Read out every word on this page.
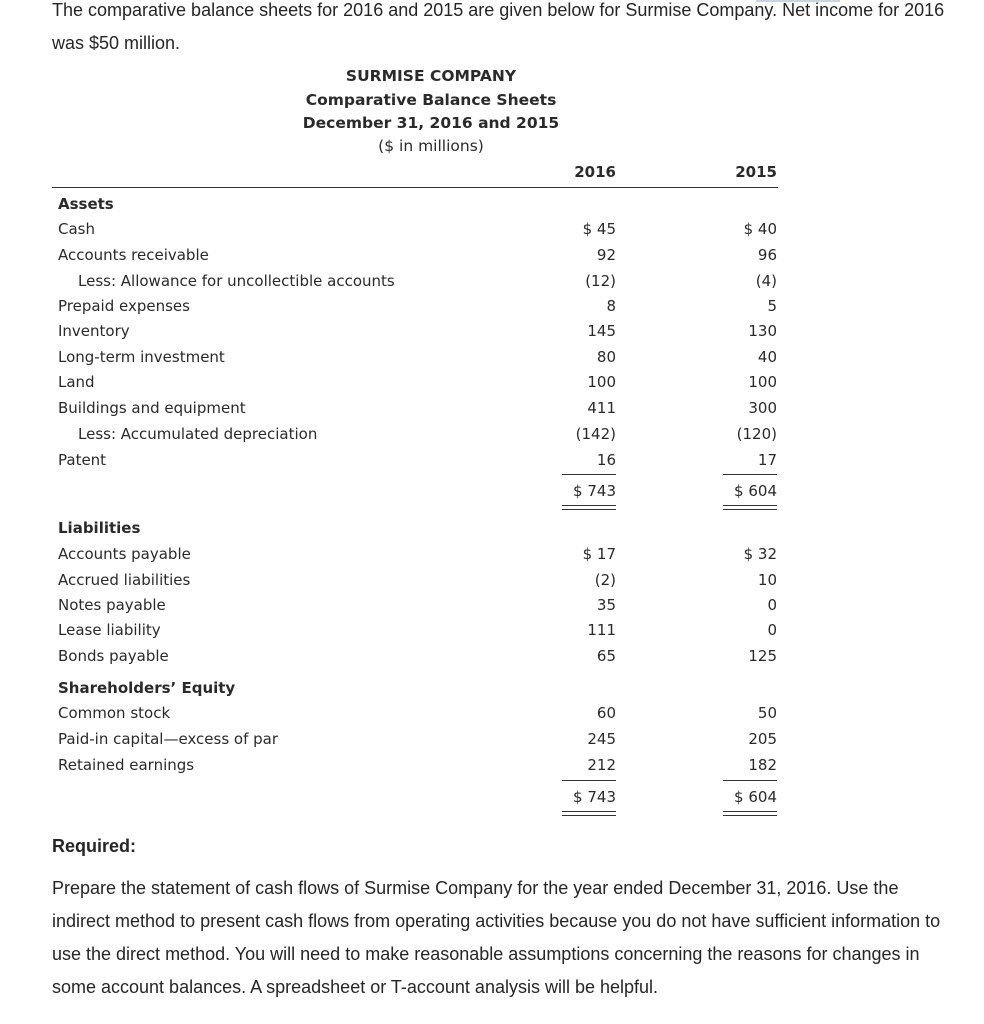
The comparative balance sheets for 2016 and 2015 are given below for Surmise Company. Net income for 2016 was $50 million.
SURMISE COMPANY
Comparative Balance Sheets
December 31, 2016 and 2015
($ in millions)
2016	2015
Assets
Cash	$ 45	$ 40
Accounts receivable	92	96
Less: Allowance for uncollectible accounts	(12)	(4)
Prepaid expenses	8	5
Inventory	145	130
Long-term investment	80	40
Land	100	100
Buildings and equipment	411	300
Less: Accumulated depreciation	(142)	(120)
Patent	16	17
$ 743	$ 604
Liabilities
Accounts payable	$ 17	$ 32
Accrued liabilities	(2)	10
Notes payable	35	0
Lease liability	111	0
Bonds payable	65	125
Shareholders’ Equity
Common stock	60	50
Paid-in capital—excess of par	245	205
Retained earnings	212	182
$ 743	$ 604
Required:
Prepare the statement of cash flows of Surmise Company for the year ended December 31, 2016. Use the indirect method to present cash flows from operating activities because you do not have sufficient information to use the direct method. You will need to make reasonable assumptions concerning the reasons for changes in some account balances. A spreadsheet or T-account analysis will be helpful.
